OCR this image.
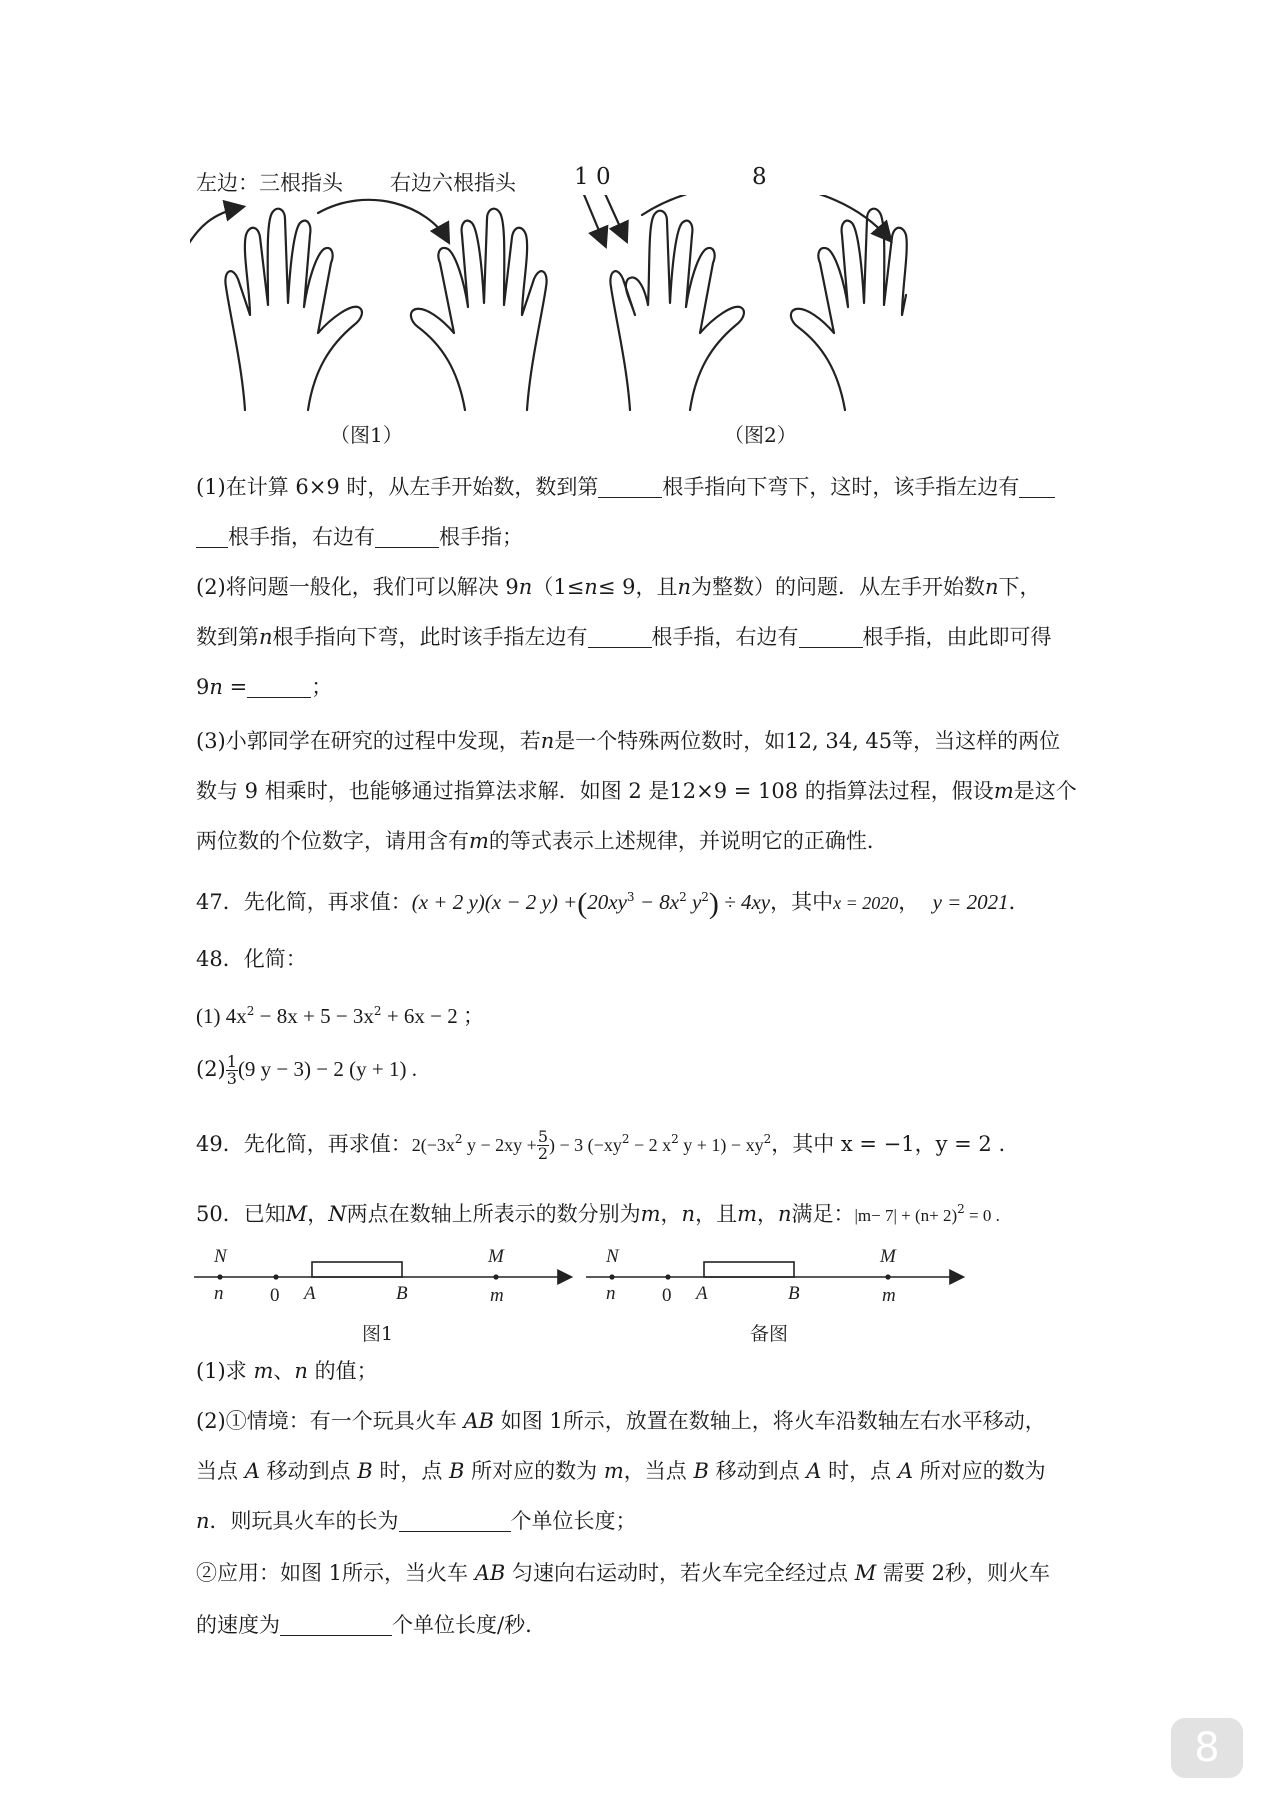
左边：三根指头 右边六根指头	1 0	8
（图1）	（图2）
(1)在计算 6×9 时，从左手开始数，数到第	根手指向下弯下，这时，该手指左边有
根手指，右边有	根手指；
(2)将问题一般化，我们可以解决 9n（1≤n≤ 9，且n为整数）的问题．从左手开始数n下，
数到第n根手指向下弯，此时该手指左边有	根手指，右边有	根手指，由此即可得
9n =	；
(3)小郭同学在研究的过程中发现，若n是一个特殊两位数时，如12, 34, 45等，当这样的两位
数与 9 相乘时，也能够通过指算法求解．如图 2 是12×9 = 108 的指算法过程，假设m是这个
两位数的个位数字，请用含有m的等式表示上述规律，并说明它的正确性．
47．先化简，再求值：(x + 2 y)(x − 2 $y) +(20xy^3 - 8x^2$ $y^2) \div 4xy$，其中x = 2020， y = 2021．
48．化简：
(1) $4x^2 - 8x + 5 - 3x^2 + 6x - 2$ ；
$(2) \frac{1}{3} (9$ y − 3) − 2 (y + 1) .
49．先化简，再求值：$2(-3x^2$ $y - 2xy + \frac{5}{2}$ ) − 3 ($-xy^2 - 2$ $x^2$ $y + 1) - xy^2$，其中 x = −1，y = 2 .
50．已知M，N两点在数轴上所表示的数分别为m，n，且m，n满足：$|m- 7| + (n+ 2)^2 = 0$ .
N
n 0 A	B
M
m
N
n 0 A	B
M
m
图1	备图
(1)求 m、n 的值；
(2)①情境：有一个玩具火车 AB 如图 1所示，放置在数轴上，将火车沿数轴左右水平移动，
当点 A 移动到点 B 时，点 B 所对应的数为 m，当点 B 移动到点 A 时，点 A 所对应的数为
n．则玩具火车的长为	个单位长度；
②应用：如图 1所示，当火车 AB 匀速向右运动时，若火车完全经过点 M 需要 2秒，则火车
的速度为	个单位长度/秒.
8
